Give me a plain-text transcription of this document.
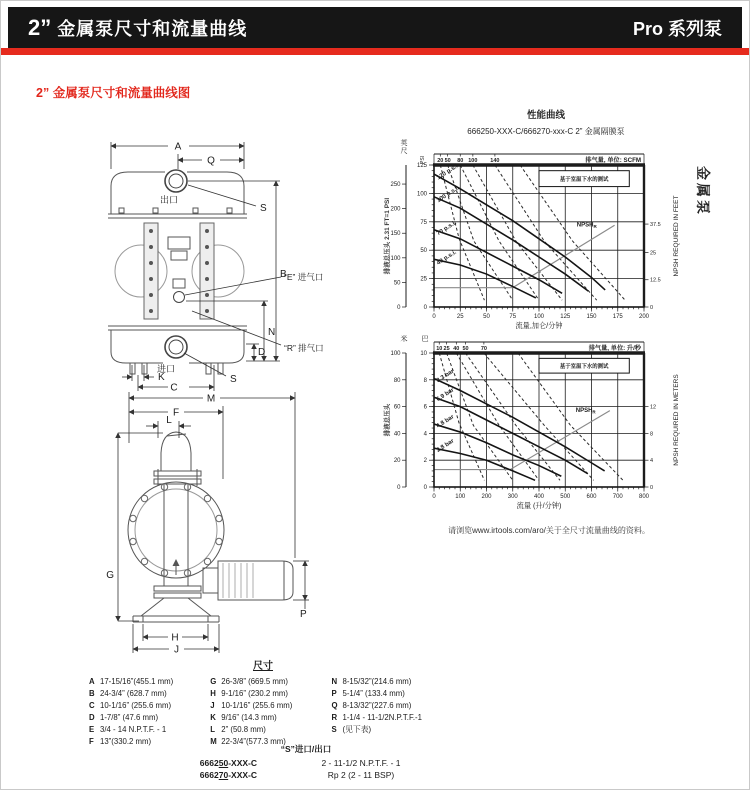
2” 金属泵尺寸和流量曲线	Pro 系列泵
2” 金属泵尺寸和流量曲线图
金属泵
A
Q
S
B
N
D
K
C
S
“E” 进气口
“R” 排气口
出口
进口
M
F
L
G
H
J
P
性能曲线
666250-XXX-C/666270-xxx-C 2” 金属隔膜泵
20 50 80 100 140	排气量, 单位: SCFM
0	25	50	75	100	125	150	175	200
流量,加仑/分钟
0
25
50
75
100
125
PSI
0
50
100
150
200
250
英
尺
0
12.5
25
37.5 NPSH REQUIRED IN FEET
排液总压头 2.31 FT=1 PSI
120 p.s.i.
100 p.s.i.
70 p.s.i.
40 p.s.i.
$NPSH_R$
基于室温下水的测试
10 25 40 50 70	排气量, 单位: 升/秒
0	100	200	300	400	500	600	700	800
流量 (升/分钟)
0
2
4
6
8
10
巴
0
20
40
60
80
100
米
0
4
8
12	NPSH REQUIRED IN METERS
排液总压头
8.3 bar
6.9 bar
4.8 bar
2.8 bar
$NPSH_R$
基于室温下水的测试
请浏览www.irtools.com/aro/关于全尺寸流量曲线的资料。
尺寸
A 17-15/16”(455.1 mm)
B 24-3/4” (628.7 mm)
C 10-1/16” (255.6 mm)
D 1-7/8” (47.6 mm)
E 3/4 - 14 N.P.T.F. - 1
F 13”(330.2 mm)
G 26-3/8” (669.5 mm)
H 9-1/16” (230.2 mm)
J 10-1/16” (255.6 mm)
K 9/16” (14.3 mm)
L 2” (50.8 mm)
M 22-3/4”(577.3 mm)
N 8-15/32”(214.6 mm)
P 5-1/4” (133.4 mm)
Q 8-13/32”(227.6 mm)
R 1-1/4 - 11-1/2N.P.T.F.-1
S (见下表)
“S”进口/出口
666250-XXX-C	2 - 11-1/2 N.P.T.F. - 1
666270-XXX-C	Rp 2 (2 - 11 BSP)
